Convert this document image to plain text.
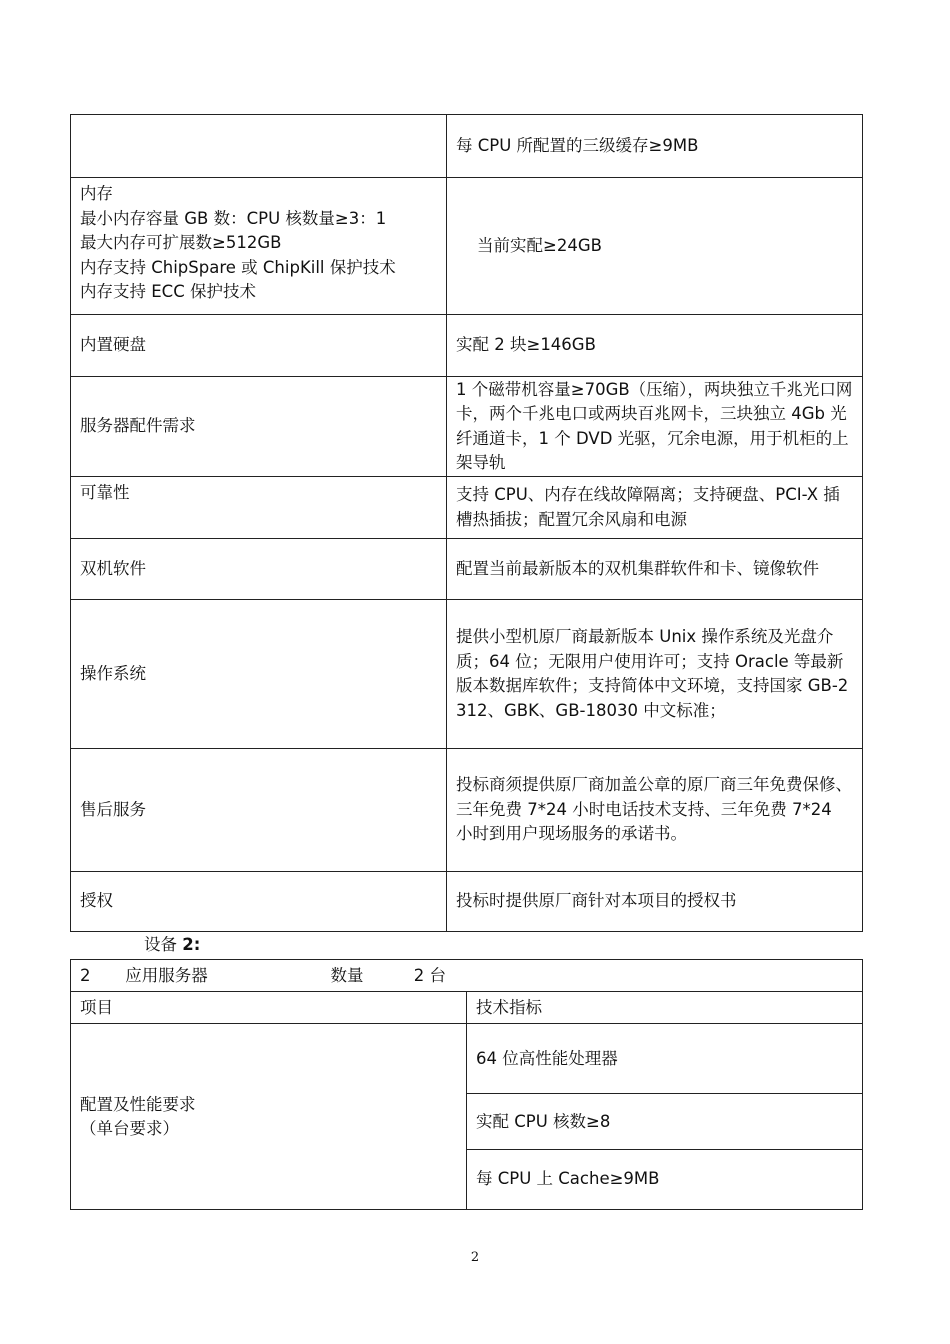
	每 CPU 所配置的三级缓存≥9MB

内存
最小内存容量 GB 数：CPU 核数量≥3：1
最大内存可扩展数≥512GB
内存支持 ChipSpare 或 ChipKill 保护技术
内存支持 ECC 保护技术	当前实配≥24GB
内置硬盘	实配 2 块≥146GB
服务器配件需求	1 个磁带机容量≥70GB（压缩），两块独立千兆光口网卡，两个千兆电口或两块百兆网卡，三块独立 4Gb 光纤通道卡，1 个 DVD 光驱，冗余电源，用于机柜的上架导轨
可靠性	支持 CPU、内存在线故障隔离；支持硬盘、PCI-X 插槽热插拔；配置冗余风扇和电源
双机软件	配置当前最新版本的双机集群软件和卡、镜像软件
操作系统	提供小型机原厂商最新版本 Unix 操作系统及光盘介质；64 位；无限用户使用许可；支持 Oracle 等最新版本数据库软件；支持简体中文环境，支持国家 GB-2312、GBK、GB-18030 中文标准；
售后服务	投标商须提供原厂商加盖公章的原厂商三年免费保修、三年免费 7*24 小时电话技术支持、三年免费 7*24 小时到用户现场服务的承诺书。
授权	投标时提供原厂商针对本项目的授权书
设备 2:
2 应用服务器	数量	2 台
项目	技术指标

配置及性能要求
（单台要求）

64 位高性能处理器
实配 CPU 核数≥8
每 CPU 上 Cache≥9MB
2
